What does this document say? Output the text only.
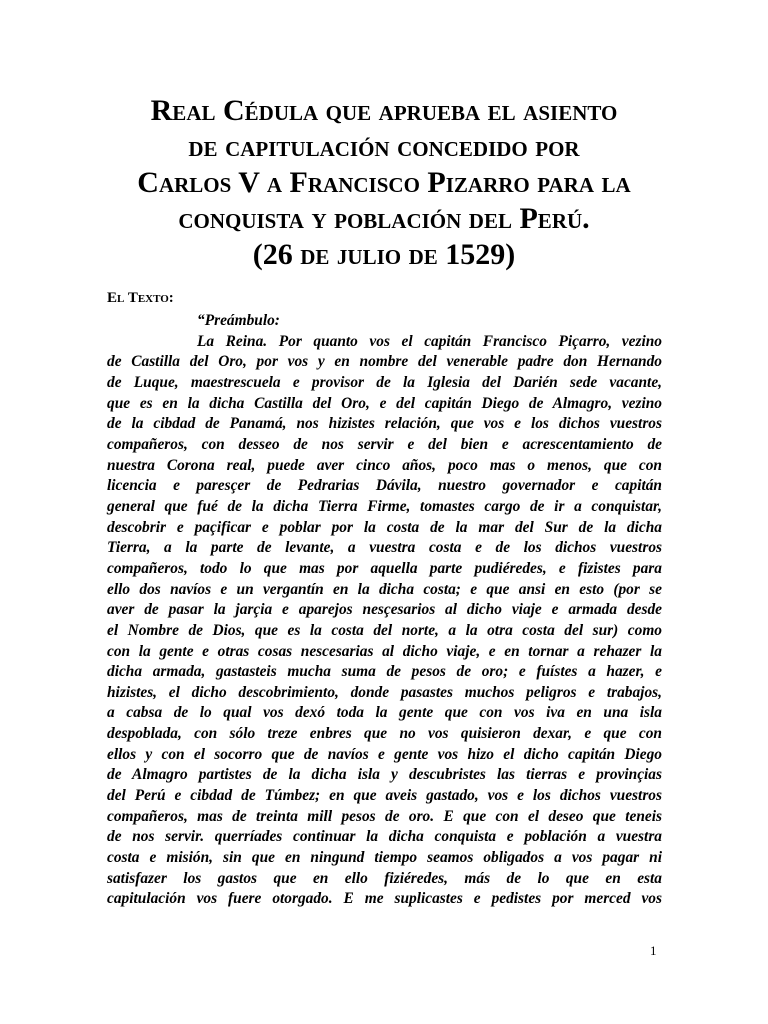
Real Cédula que aprueba el asiento
de capitulación concedido por
Carlos V a Francisco Pizarro para la
conquista y población del Perú.
(26 de julio de 1529)

El Texto:

“Preámbulo:
La Reina. Por quanto vos el capitán Francisco Piçarro, vezino
de Castilla del Oro, por vos y en nombre del venerable padre don Hernando
de Luque, maestrescuela e provisor de la Iglesia del Darién sede vacante,
que es en la dicha Castilla del Oro, e del capitán Diego de Almagro, vezino
de la cibdad de Panamá, nos hizistes relación, que vos e los dichos vuestros
compañeros, con desseo de nos servir e del bien e acrescentamiento de
nuestra Corona real, puede aver cinco años, poco mas o menos, que con
licencia e paresçer de Pedrarias Dávila, nuestro governador e capitán
general que fué de la dicha Tierra Firme, tomastes cargo de ir a conquistar,
descobrir e paçificar e poblar por la costa de la mar del Sur de la dicha
Tierra, a la parte de levante, a vuestra costa e de los dichos vuestros
compañeros, todo lo que mas por aquella parte pudiéredes, e fizistes para
ello dos navíos e un vergantín en la dicha costa; e que ansi en esto (por se
aver de pasar la jarçia e aparejos nesçesarios al dicho viaje e armada desde
el Nombre de Dios, que es la costa del norte, a la otra costa del sur) como
con la gente e otras cosas nescesarias al dicho viaje, e en tornar a rehazer la
dicha armada, gastasteis mucha suma de pesos de oro; e fuístes a hazer, e
hizistes, el dicho descobrimiento, donde pasastes muchos peligros e trabajos,
a cabsa de lo qual vos dexó toda la gente que con vos iva en una isla
despoblada, con sólo treze enbres que no vos quisieron dexar, e que con
ellos y con el socorro que de navíos e gente vos hizo el dicho capitán Diego
de Almagro partistes de la dicha isla y descubristes las tierras e provinçias
del Perú e cibdad de Túmbez; en que aveis gastado, vos e los dichos vuestros
compañeros, mas de treinta mill pesos de oro. E que con el deseo que teneis
de nos servir. querríades continuar la dicha conquista e población a vuestra
costa e misión, sin que en ningund tiempo seamos obligados a vos pagar ni
satisfazer los gastos que en ello fiziéredes, más de lo que en esta
capitulación vos fuere otorgado. E me suplicastes e pedistes por merced vos

1
